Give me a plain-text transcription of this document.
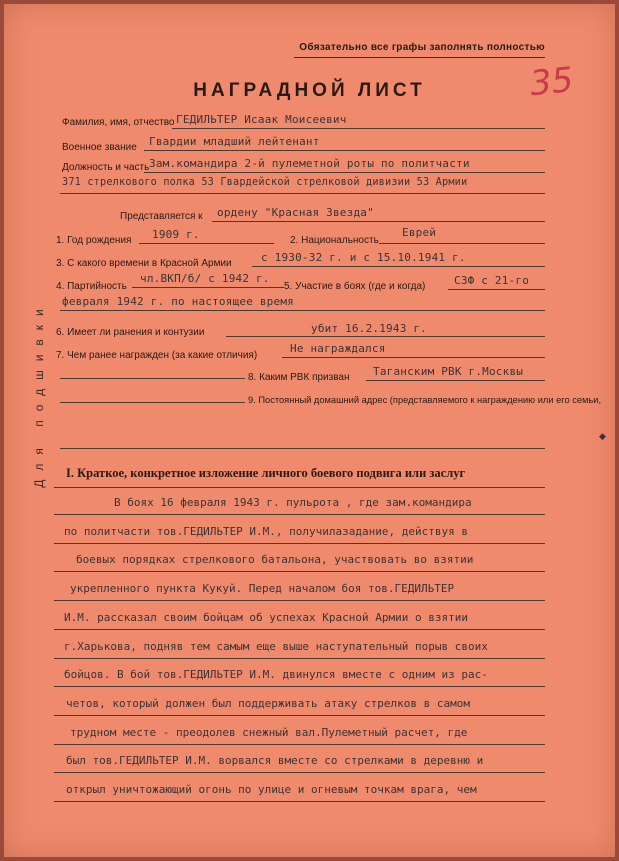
Обязательно все графы заполнять полностью
35
НАГРАДНОЙ ЛИСТ
Для подшивки
Фамилия, имя, отчество ГЕДИЛЬТЕР Исаак Моисеевич
Военное звание Гвардии младший лейтенант
Должность и часть Зам.командира 2-й пулеметной роты по политчасти
371 стрелкового полка 53 Гвардейской стрелковой дивизии 53 Армии
Представляется к ордену "Красная Звезда"
1. Год рождения 1909 г.	2. Национальность
Еврей
3. С какого времени в Красной Армии	с 1930-32 г. и с 15.10.1941 г.
4. Партийность
чл.ВКП/б/ с 1942 г.
5. Участие в боях (где и когда)	СЗФ с 21-го
февраля 1942 г. по настоящее время
6. Имеет ли ранения и контузии	убит 16.2.1943 г.
7. Чем ранее награжден (за какие отличия)
Не награждался
8. Каким РВК призван Таганским РВК г.Москвы
9. Постоянный домашний адрес (представляемого к награждению или его семьи,
I. Краткое, конкретное изложение личного боевого подвига или заслуг
В боях 16 февраля 1943 г. пульрота , где зам.командира
по политчасти тов.ГЕДИЛЬТЕР И.М., получилазадание, действуя в
боевых порядках стрелкового батальона, участвовать во взятии
укрепленного пункта Кукуй. Перед началом боя тов.ГЕДИЛЬТЕР
И.М. рассказал своим бойцам об успехах Красной Армии о взятии
г.Харькова, подняв тем самым еще выше наступательный порыв своих
бойцов. В бой тов.ГЕДИЛЬТЕР И.М. двинулся вместе с одним из рас-
четов, который должен был поддерживать атаку стрелков в самом
трудном месте - преодолев снежный вал.Пулеметный расчет, где
был тов.ГЕДИЛЬТЕР И.М. ворвался вместе со стрелками в деревню и
открыл уничтожающий огонь по улице и огневым точкам врага, чем
◆
